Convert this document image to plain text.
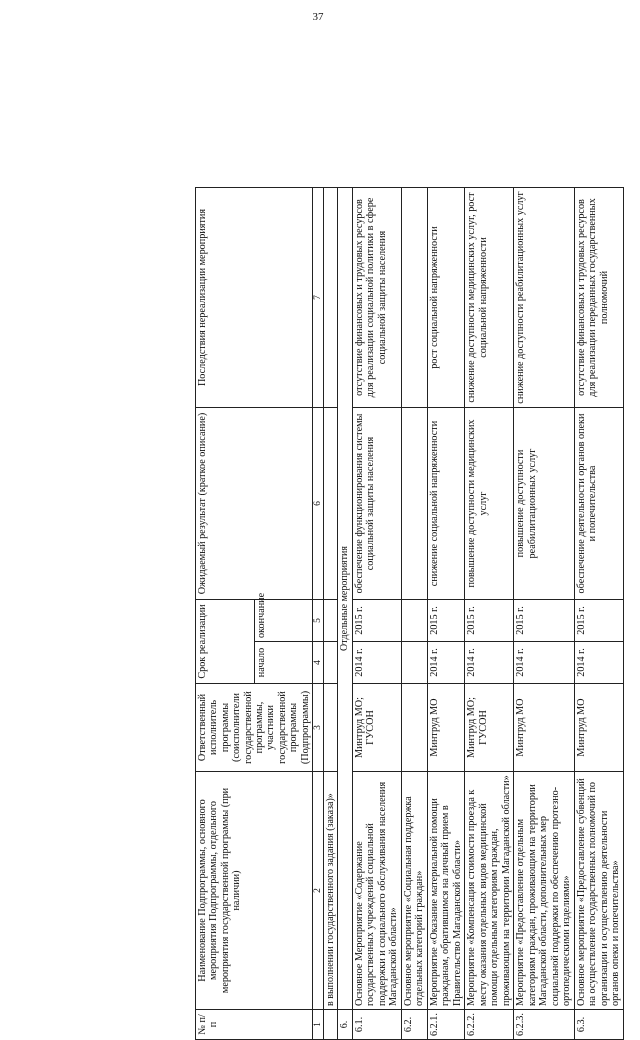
37
№ п/п	Наименование Подпрограммы, основного мероприятия Подпрограммы, отдельного мероприятия государственной программы (при наличии)	Ответственный исполнитель программы (соисполнители государственной программы, участники государственной программы (Подпрограммы)	Срок реализации		Ожидаемый результат (краткое описание)	Последствия нереализации мероприятия
			начало	окончание		
1	2	3	4	5	6	7
	в выполнении государственного задания (заказа)»					
6.	Отдельные мероприятия					
6.1.	Основное Мероприятие «Содержание государственных учреждений социальной поддержки и социального обслуживания населения Магаданской области»	Минтруд МО; ГУСОН	2014 г.	2015 г.	обеспечение функционирования системы социальной защиты населения	отсутствие финансовых и трудовых ресурсов для реализации социальной политики в сфере социальной защиты населения
6.2.	Основное мероприятие «Социальная поддержка отдельных категорий граждан»					
6.2.1.	Мероприятие «Оказание материальной помощи гражданам, обратившимся на личный прием в Правительство Магаданской области»	Минтруд МО	2014 г.	2015 г.	снижение социальной напряженности	рост социальной напряженности
6.2.2.	Мероприятие «Компенсация стоимости проезда к месту оказания отдельных видов медицинской помощи отдельным категориям граждан, проживающим на территории Магаданской области»	Минтруд МО; ГУСОН	2014 г.	2015 г.	повышение доступности медицинских услуг	снижение доступности медицинских услуг, рост социальной напряженности
6.2.3.	Мероприятие «Предоставление отдельным категориям граждан, проживающим на территории Магаданской области, дополнительных мер социальной поддержки по обеспечению протезно-ортопедическими изделиями»	Минтруд МО	2014 г.	2015 г.	повышение доступности реабилитационных услуг	снижение доступности реабилитационных услуг
6.3.	Основное мероприятие «Предоставление субвенций на осуществление государственных полномочий по организации и осуществлению деятельности органов опеки и попечительства»	Минтруд МО	2014 г.	2015 г.	обеспечение деятельности органов опеки и попечительства	отсутствие финансовых и трудовых ресурсов для реализации переданных государственных полномочий
